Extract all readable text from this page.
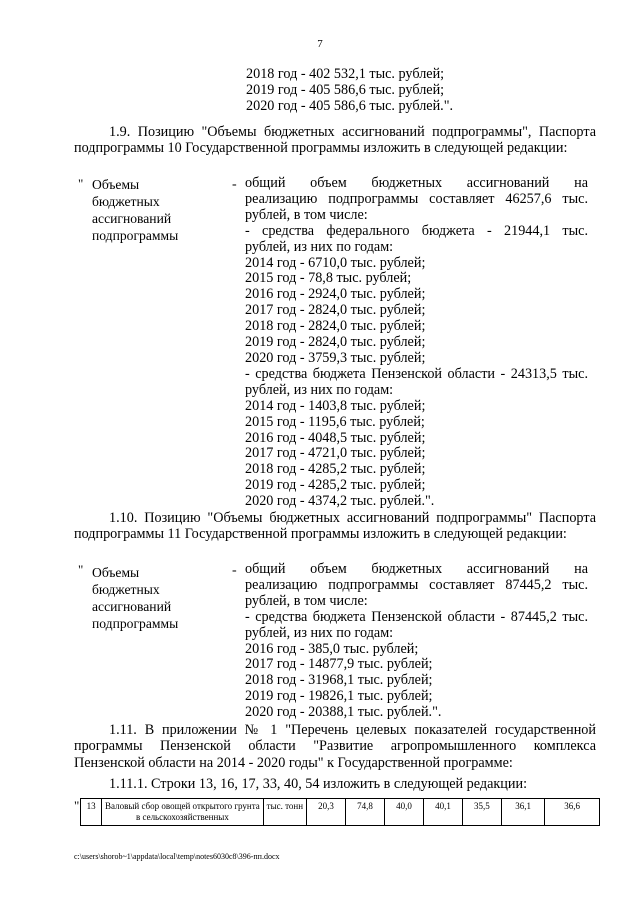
7
2018 год - 402 532,1 тыс. рублей;
2019 год - 405 586,6 тыс. рублей;
2020 год - 405 586,6 тыс. рублей.".
1.9. Позицию "Объемы бюджетных ассигнований подпрограммы", Паспорта подпрограммы 10 Государственной программы изложить в следующей редакции:
" Объемы
бюджетных
ассигнований
подпрограммы
- общий объем бюджетных ассигнований на
реализацию подпрограммы составляет 46257,6 тыс.
рублей, в том числе:
- средства федерального бюджета - 21944,1 тыс.
рублей, из них по годам:
2014 год - 6710,0 тыс. рублей;
2015 год - 78,8 тыс. рублей;
2016 год - 2924,0 тыс. рублей;
2017 год - 2824,0 тыс. рублей;
2018 год - 2824,0 тыс. рублей;
2019 год - 2824,0 тыс. рублей;
2020 год - 3759,3 тыс. рублей;
- средства бюджета Пензенской области - 24313,5 тыс.
рублей, из них по годам:
2014 год - 1403,8 тыс. рублей;
2015 год - 1195,6 тыс. рублей;
2016 год - 4048,5 тыс. рублей;
2017 год - 4721,0 тыс. рублей;
2018 год - 4285,2 тыс. рублей;
2019 год - 4285,2 тыс. рублей;
2020 год - 4374,2 тыс. рублей.".
1.10. Позицию "Объемы бюджетных ассигнований подпрограммы" Паспорта подпрограммы 11 Государственной программы изложить в следующей редакции:
" Объемы
бюджетных
ассигнований
подпрограммы
- общий объем бюджетных ассигнований на
реализацию подпрограммы составляет 87445,2 тыс.
рублей, в том числе:
- средства бюджета Пензенской области - 87445,2 тыс.
рублей, из них по годам:
2016 год - 385,0 тыс. рублей;
2017 год - 14877,9 тыс. рублей;
2018 год - 31968,1 тыс. рублей;
2019 год - 19826,1 тыс. рублей;
2020 год - 20388,1 тыс. рублей.".
1.11. В приложении № 1 "Перечень целевых показателей государственной программы Пензенской области "Развитие агропромышленного комплекса Пензенской области на 2014 - 2020 годы" к Государственной программе:
1.11.1. Строки 13, 16, 17, 33, 40, 54 изложить в следующей редакции:
" 13	Валовый сбор овощей открытого грунта в сельскохозяйственных	тыс. тонн	20,3	74,8	40,0	40,1	35,5	36,1	36,6
c:\users\shorob~1\appdata\local\temp\notes6030c8\396-пп.docx
